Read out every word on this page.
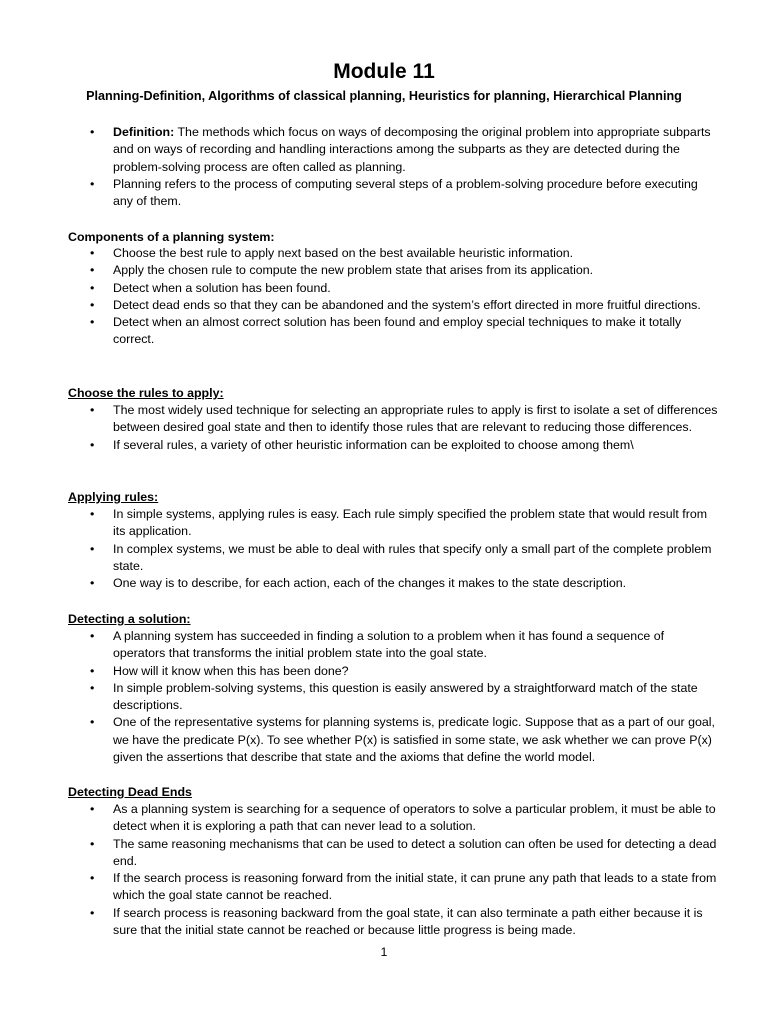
Module 11
Planning-Definition, Algorithms of classical planning, Heuristics for planning, Hierarchical Planning
• Definition: The methods which focus on ways of decomposing the original problem into appropriate subparts and on ways of recording and handling interactions among the subparts as they are detected during the problem-solving process are often called as planning.
• Planning refers to the process of computing several steps of a problem-solving procedure before executing any of them.
Components of a planning system:
• Choose the best rule to apply next based on the best available heuristic information.
• Apply the chosen rule to compute the new problem state that arises from its application.
• Detect when a solution has been found.
• Detect dead ends so that they can be abandoned and the system’s effort directed in more fruitful directions.
• Detect when an almost correct solution has been found and employ special techniques to make it totally correct.
Choose the rules to apply:
• The most widely used technique for selecting an appropriate rules to apply is first to isolate a set of differences between desired goal state and then to identify those rules that are relevant to reducing those differences.
• If several rules, a variety of other heuristic information can be exploited to choose among them\
Applying rules:
• In simple systems, applying rules is easy. Each rule simply specified the problem state that would result from its application.
• In complex systems, we must be able to deal with rules that specify only a small part of the complete problem state.
• One way is to describe, for each action, each of the changes it makes to the state description.
Detecting a solution:
• A planning system has succeeded in finding a solution to a problem when it has found a sequence of operators that transforms the initial problem state into the goal state.
• How will it know when this has been done?
• In simple problem-solving systems, this question is easily answered by a straightforward match of the state descriptions.
• One of the representative systems for planning systems is, predicate logic. Suppose that as a part of our goal, we have the predicate P(x). To see whether P(x) is satisfied in some state, we ask whether we can prove P(x) given the assertions that describe that state and the axioms that define the world model.
Detecting Dead Ends
• As a planning system is searching for a sequence of operators to solve a particular problem, it must be able to detect when it is exploring a path that can never lead to a solution.
• The same reasoning mechanisms that can be used to detect a solution can often be used for detecting a dead end.
• If the search process is reasoning forward from the initial state, it can prune any path that leads to a state from which the goal state cannot be reached.
• If search process is reasoning backward from the goal state, it can also terminate a path either because it is sure that the initial state cannot be reached or because little progress is being made.
1
